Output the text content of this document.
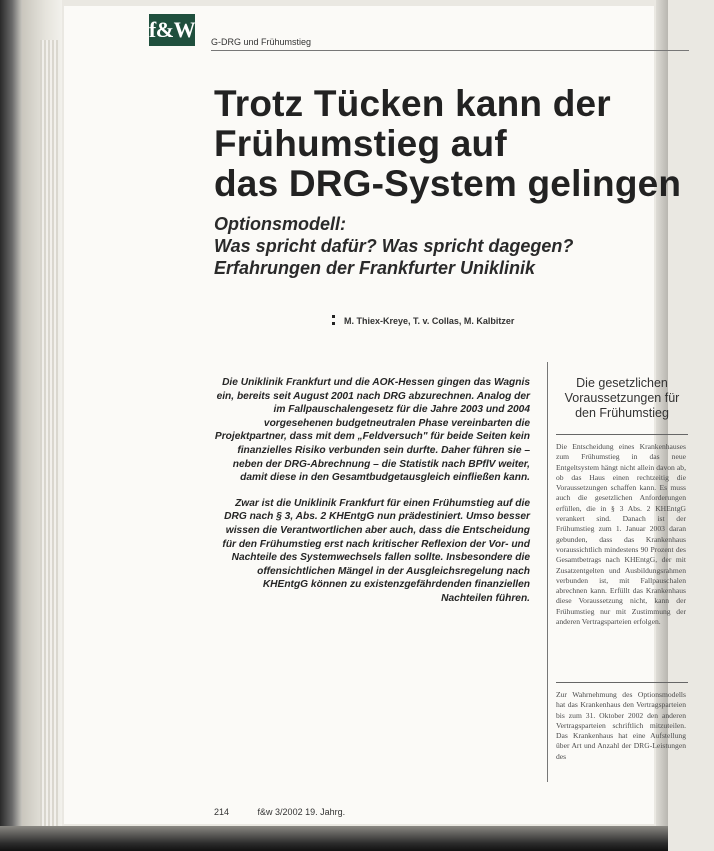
f&W G-DRG und Frühumstieg
Trotz Tücken kann der
Frühumstieg auf
das DRG-System gelingen
Optionsmodell:
Was spricht dafür? Was spricht dagegen?
Erfahrungen der Frankfurter Uniklinik
M. Thiex-Kreye, T. v. Collas, M. Kalbitzer

Die Uniklinik Frankfurt und die AOK-Hessen gingen das Wagnis ein, bereits seit August 2001 nach DRG abzurechnen. Analog der im Fallpauschalengesetz für die Jahre 2003 und 2004 vorgesehenen budgetneutralen Phase vereinbarten die Projektpartner, dass mit dem „Feldversuch" für beide Seiten kein finanzielles Risiko verbunden sein durfte. Daher führen sie – neben der DRG-Abrechnung – die Statistik nach BPflV weiter, damit diese in den Gesamtbudgetausgleich einfließen kann.

Zwar ist die Uniklinik Frankfurt für einen Frühumstieg auf die DRG nach § 3, Abs. 2 KHEntgG nun prädestiniert. Umso besser wissen die Verantwortlichen aber auch, dass die Entscheidung für den Frühumstieg erst nach kritischer Reflexion der Vor- und Nachteile des Systemwechsels fallen sollte. Insbesondere die offensichtlichen Mängel in der Ausgleichsregelung nach KHEntgG können zu existenzgefährdenden finanziellen Nachteilen führen.

Die gesetzlichen
Voraussetzungen für
den Frühumstieg

Die Entscheidung eines Krankenhauses zum Frühumstieg in das neue Entgeltsystem hängt nicht allein davon ab, ob das Haus einen rechtzeitig die Voraussetzungen schaffen kann. Es muss auch die gesetzlichen Anforderungen erfüllen, die in § 3 Abs. 2 KHEntgG verankert sind. Danach ist der Frühumstieg zum 1. Januar 2003 daran gebunden, dass das Krankenhaus voraussichtlich mindestens 90 Prozent des Gesamtbetrags nach KHEntgG, der mit Zusatzentgelten und Ausbildungsrahmen verbunden ist, mit Fallpauschalen abrechnen kann. Erfüllt das Krankenhaus diese Voraussetzung nicht, kann der Frühumstieg nur mit Zustimmung der anderen Vertragsparteien erfolgen.

Zur Wahrnehmung des Optionsmodells hat das Krankenhaus den Vertragsparteien bis zum 31. Oktober 2002 den anderen Vertragsparteien schriftlich mitzuteilen. Das Krankenhaus hat eine Aufstellung über Art und Anzahl der DRG-Leistungen des

214	f&w 3/2002 19. Jahrg.
